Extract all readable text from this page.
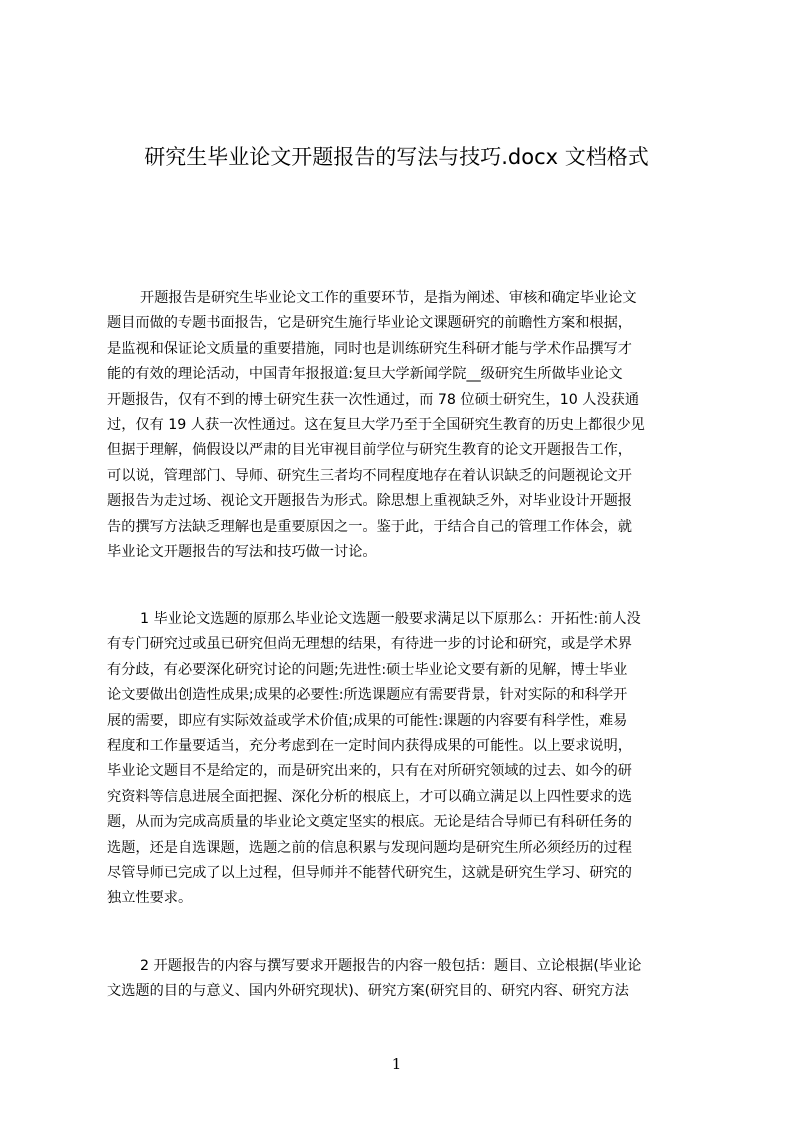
研究生毕业论文开题报告的写法与技巧.docx 文档格式
开题报告是研究生毕业论文工作的重要环节，是指为阐述、审核和确定毕业论文
题目而做的专题书面报告，它是研究生施行毕业论文课题研究的前瞻性方案和根据，
是监视和保证论文质量的重要措施，同时也是训练研究生科研才能与学术作品撰写才
能的有效的理论活动，中国青年报报道:复旦大学新闻学院__级研究生所做毕业论文
开题报告，仅有不到的博士研究生获一次性通过，而 78 位硕士研究生，10 人没获通
过，仅有 19 人获一次性通过。这在复旦大学乃至于全国研究生教育的历史上都很少见
但据于理解，倘假设以严肃的目光审视目前学位与研究生教育的论文开题报告工作，
可以说，管理部门、导师、研究生三者均不同程度地存在着认识缺乏的问题视论文开
题报告为走过场、视论文开题报告为形式。除思想上重视缺乏外，对毕业设计开题报
告的撰写方法缺乏理解也是重要原因之一。鉴于此，于结合自己的管理工作体会，就
毕业论文开题报告的写法和技巧做一讨论。
1 毕业论文选题的原那么毕业论文选题一般要求满足以下原那么：开拓性:前人没
有专门研究过或虽已研究但尚无理想的结果，有待进一步的讨论和研究，或是学术界
有分歧，有必要深化研究讨论的问题;先进性:硕士毕业论文要有新的见解，博士毕业
论文要做出创造性成果;成果的必要性:所选课题应有需要背景，针对实际的和科学开
展的需要，即应有实际效益或学术价值;成果的可能性:课题的内容要有科学性，难易
程度和工作量要适当，充分考虑到在一定时间内获得成果的可能性。以上要求说明，
毕业论文题目不是给定的，而是研究出来的，只有在对所研究领域的过去、如今的研
究资料等信息进展全面把握、深化分析的根底上，才可以确立满足以上四性要求的选
题，从而为完成高质量的毕业论文奠定坚实的根底。无论是结合导师已有科研任务的
选题，还是自选课题，选题之前的信息积累与发现问题均是研究生所必须经历的过程
尽管导师已完成了以上过程，但导师并不能替代研究生，这就是研究生学习、研究的
独立性要求。
2 开题报告的内容与撰写要求开题报告的内容一般包括：题目、立论根据(毕业论
文选题的目的与意义、国内外研究现状)、研究方案(研究目的、研究内容、研究方法
1
